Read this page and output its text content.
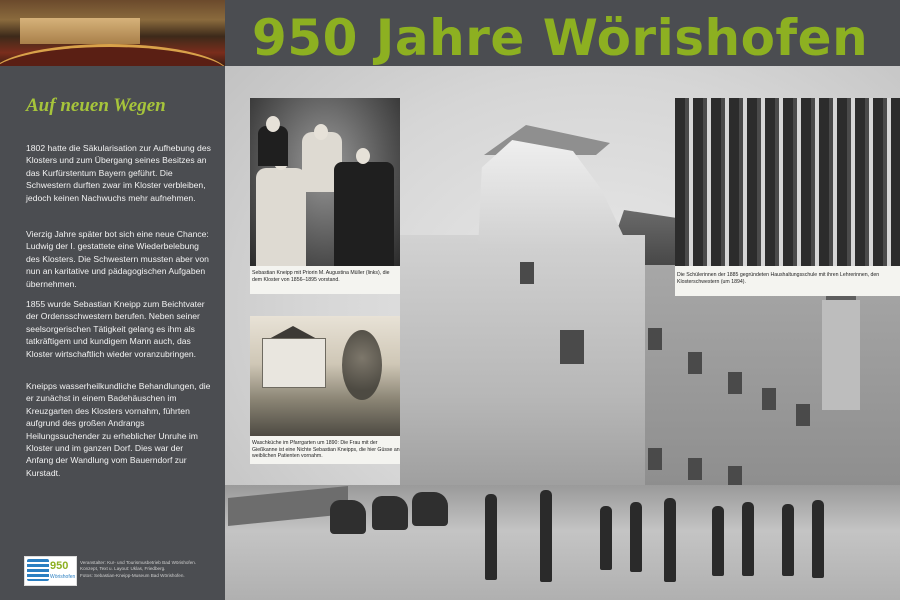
950 Jahre Wörishofen
Auf neuen Wegen

1802 hatte die Säkularisation zur Aufhebung des Klosters und zum Übergang seines Besitzes an das Kurfürstentum Bayern geführt. Die Schwestern durften zwar im Kloster verbleiben, jedoch keinen Nachwuchs mehr aufnehmen.

Vierzig Jahre später bot sich eine neue Chance: Ludwig der I. gestattete eine Wiederbelebung des Klosters. Die Schwestern mussten aber von nun an karitative und pädagogischen Aufgaben übernehmen.

1855 wurde Sebastian Kneipp zum Beichtvater der Ordensschwestern berufen. Neben seiner seelsorgerischen Tätigkeit gelang es ihm als tatkräftigem und kundigem Mann auch, das Kloster wirtschaftlich wieder voranzubringen.

Kneipps wasserheilkundliche Behandlungen, die er zunächst in einem Badehäuschen im Kreuzgarten des Klosters vornahm, führten aufgrund des großen Andrangs Heilungssuchender zu erheblicher Unruhe im Kloster und im ganzen Dorf. Dies war der Anfang der Wandlung vom Bauerndorf zur Kurstadt.

950
Wörishofen
Veranstalter: Kur- und Tourismusbetrieb Bad Wörishofen.
Konzept, Text u. Layout: Uklas, Friedberg.
Fotos: Sebastian-Kneipp-Museum Bad Wörishofen.
Sebastian Kneipp mit Priorin M. Augustina Müller (links), die dem Kloster von 1856–1895 vorstand.
Die Schülerinnen der 1885 gegründeten Haushaltungsschule mit ihren Lehrerinnen, den Klosterschwestern (um 1894).
Waschküche im Pfarrgarten um 1890: Die Frau mit der Gießkanne ist eine Nichte Sebastian Kneipps, die hier Güsse an weiblichen Patienten vornahm.
